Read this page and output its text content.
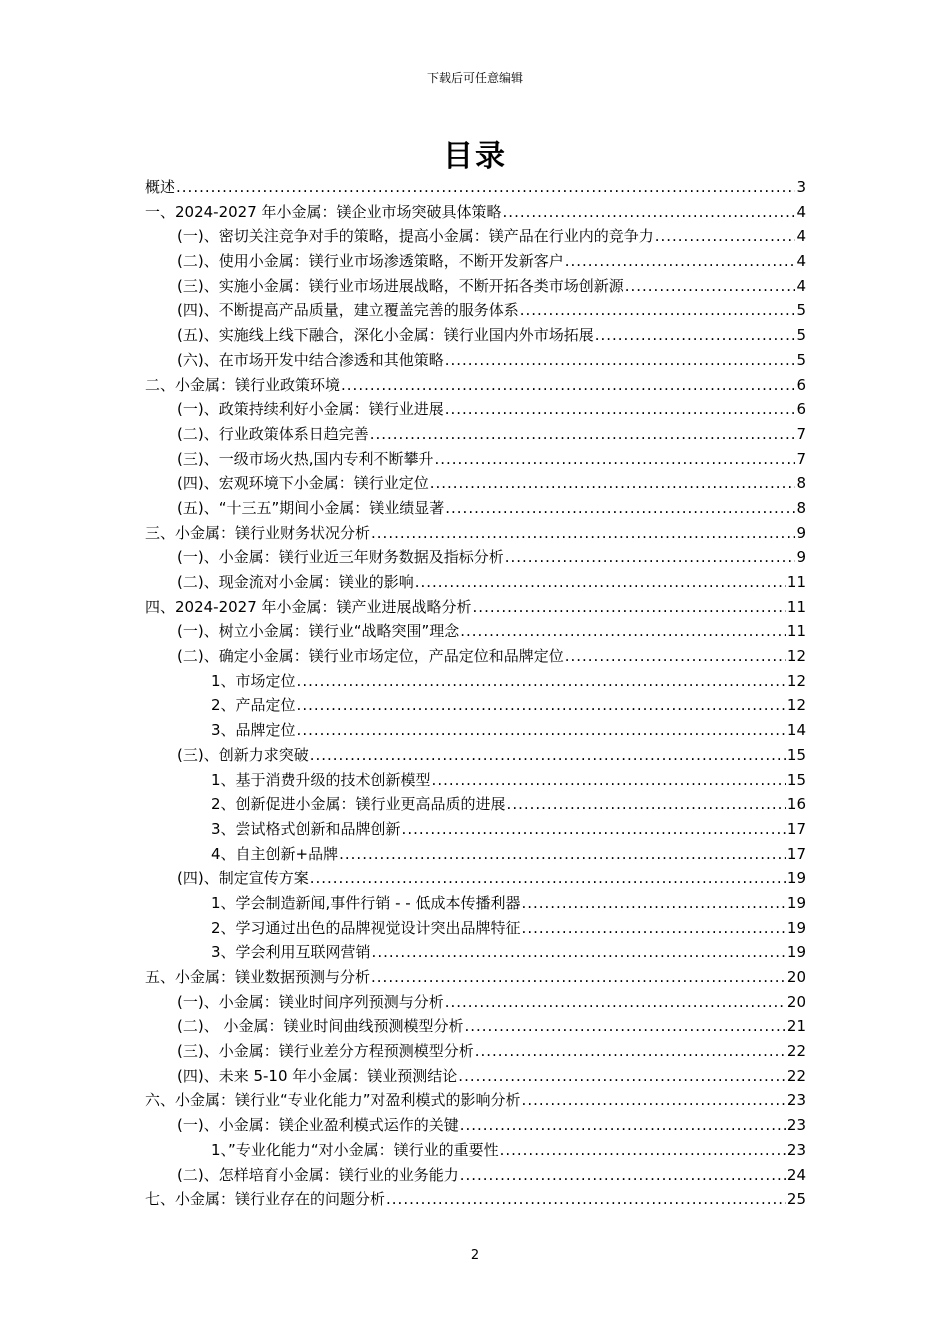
下载后可任意编辑
目录
概述 .....	3
一、2024-2027 年小金属：镁企业市场突破具体策略 .....	4
(一)、密切关注竞争对手的策略，提高小金属：镁产品在行业内的竞争力 .....	4
(二)、使用小金属：镁行业市场渗透策略，不断开发新客户 .....	4
(三)、实施小金属：镁行业市场进展战略，不断开拓各类市场创新源 .....	4
(四)、不断提高产品质量，建立覆盖完善的服务体系 .....	5
(五)、实施线上线下融合，深化小金属：镁行业国内外市场拓展 .....	5
(六)、在市场开发中结合渗透和其他策略 .....	5
二、小金属：镁行业政策环境 .....	6
(一)、政策持续利好小金属：镁行业进展 .....	6
(二)、行业政策体系日趋完善 .....	7
(三)、一级市场火热,国内专利不断攀升 .....	7
(四)、宏观环境下小金属：镁行业定位 .....	8
(五)、“十三五”期间小金属：镁业绩显著 .....	8
三、小金属：镁行业财务状况分析 .....	9
(一)、小金属：镁行业近三年财务数据及指标分析 .....	9
(二)、现金流对小金属：镁业的影响 .....	11
四、2024-2027 年小金属：镁产业进展战略分析 .....	11
(一)、树立小金属：镁行业“战略突围”理念 .....	11
(二)、确定小金属：镁行业市场定位，产品定位和品牌定位 .....	12
1、市场定位 .....	12
2、产品定位 .....	12
3、品牌定位 .....	14
(三)、创新力求突破 .....	15
1、基于消费升级的技术创新模型 .....	15
2、创新促进小金属：镁行业更高品质的进展 .....	16
3、尝试格式创新和品牌创新 .....	17
4、自主创新+品牌 .....	17
(四)、制定宣传方案 .....	19
1、学会制造新闻,事件行销 - - 低成本传播利器 .....	19
2、学习通过出色的品牌视觉设计突出品牌特征 .....	19
3、学会利用互联网营销 .....	19
五、小金属：镁业数据预测与分析 .....	20
(一)、小金属：镁业时间序列预测与分析 .....	20
(二)、 小金属：镁业时间曲线预测模型分析 .....	21
(三)、小金属：镁行业差分方程预测模型分析 .....	22
(四)、未来 5-10 年小金属：镁业预测结论 .....	22
六、小金属：镁行业“专业化能力”对盈利模式的影响分析 .....	23
(一)、小金属：镁企业盈利模式运作的关键 .....	23
1、”专业化能力“对小金属：镁行业的重要性 .....	23
(二)、怎样培育小金属：镁行业的业务能力 .....	24
七、小金属：镁行业存在的问题分析 .....	25
2
